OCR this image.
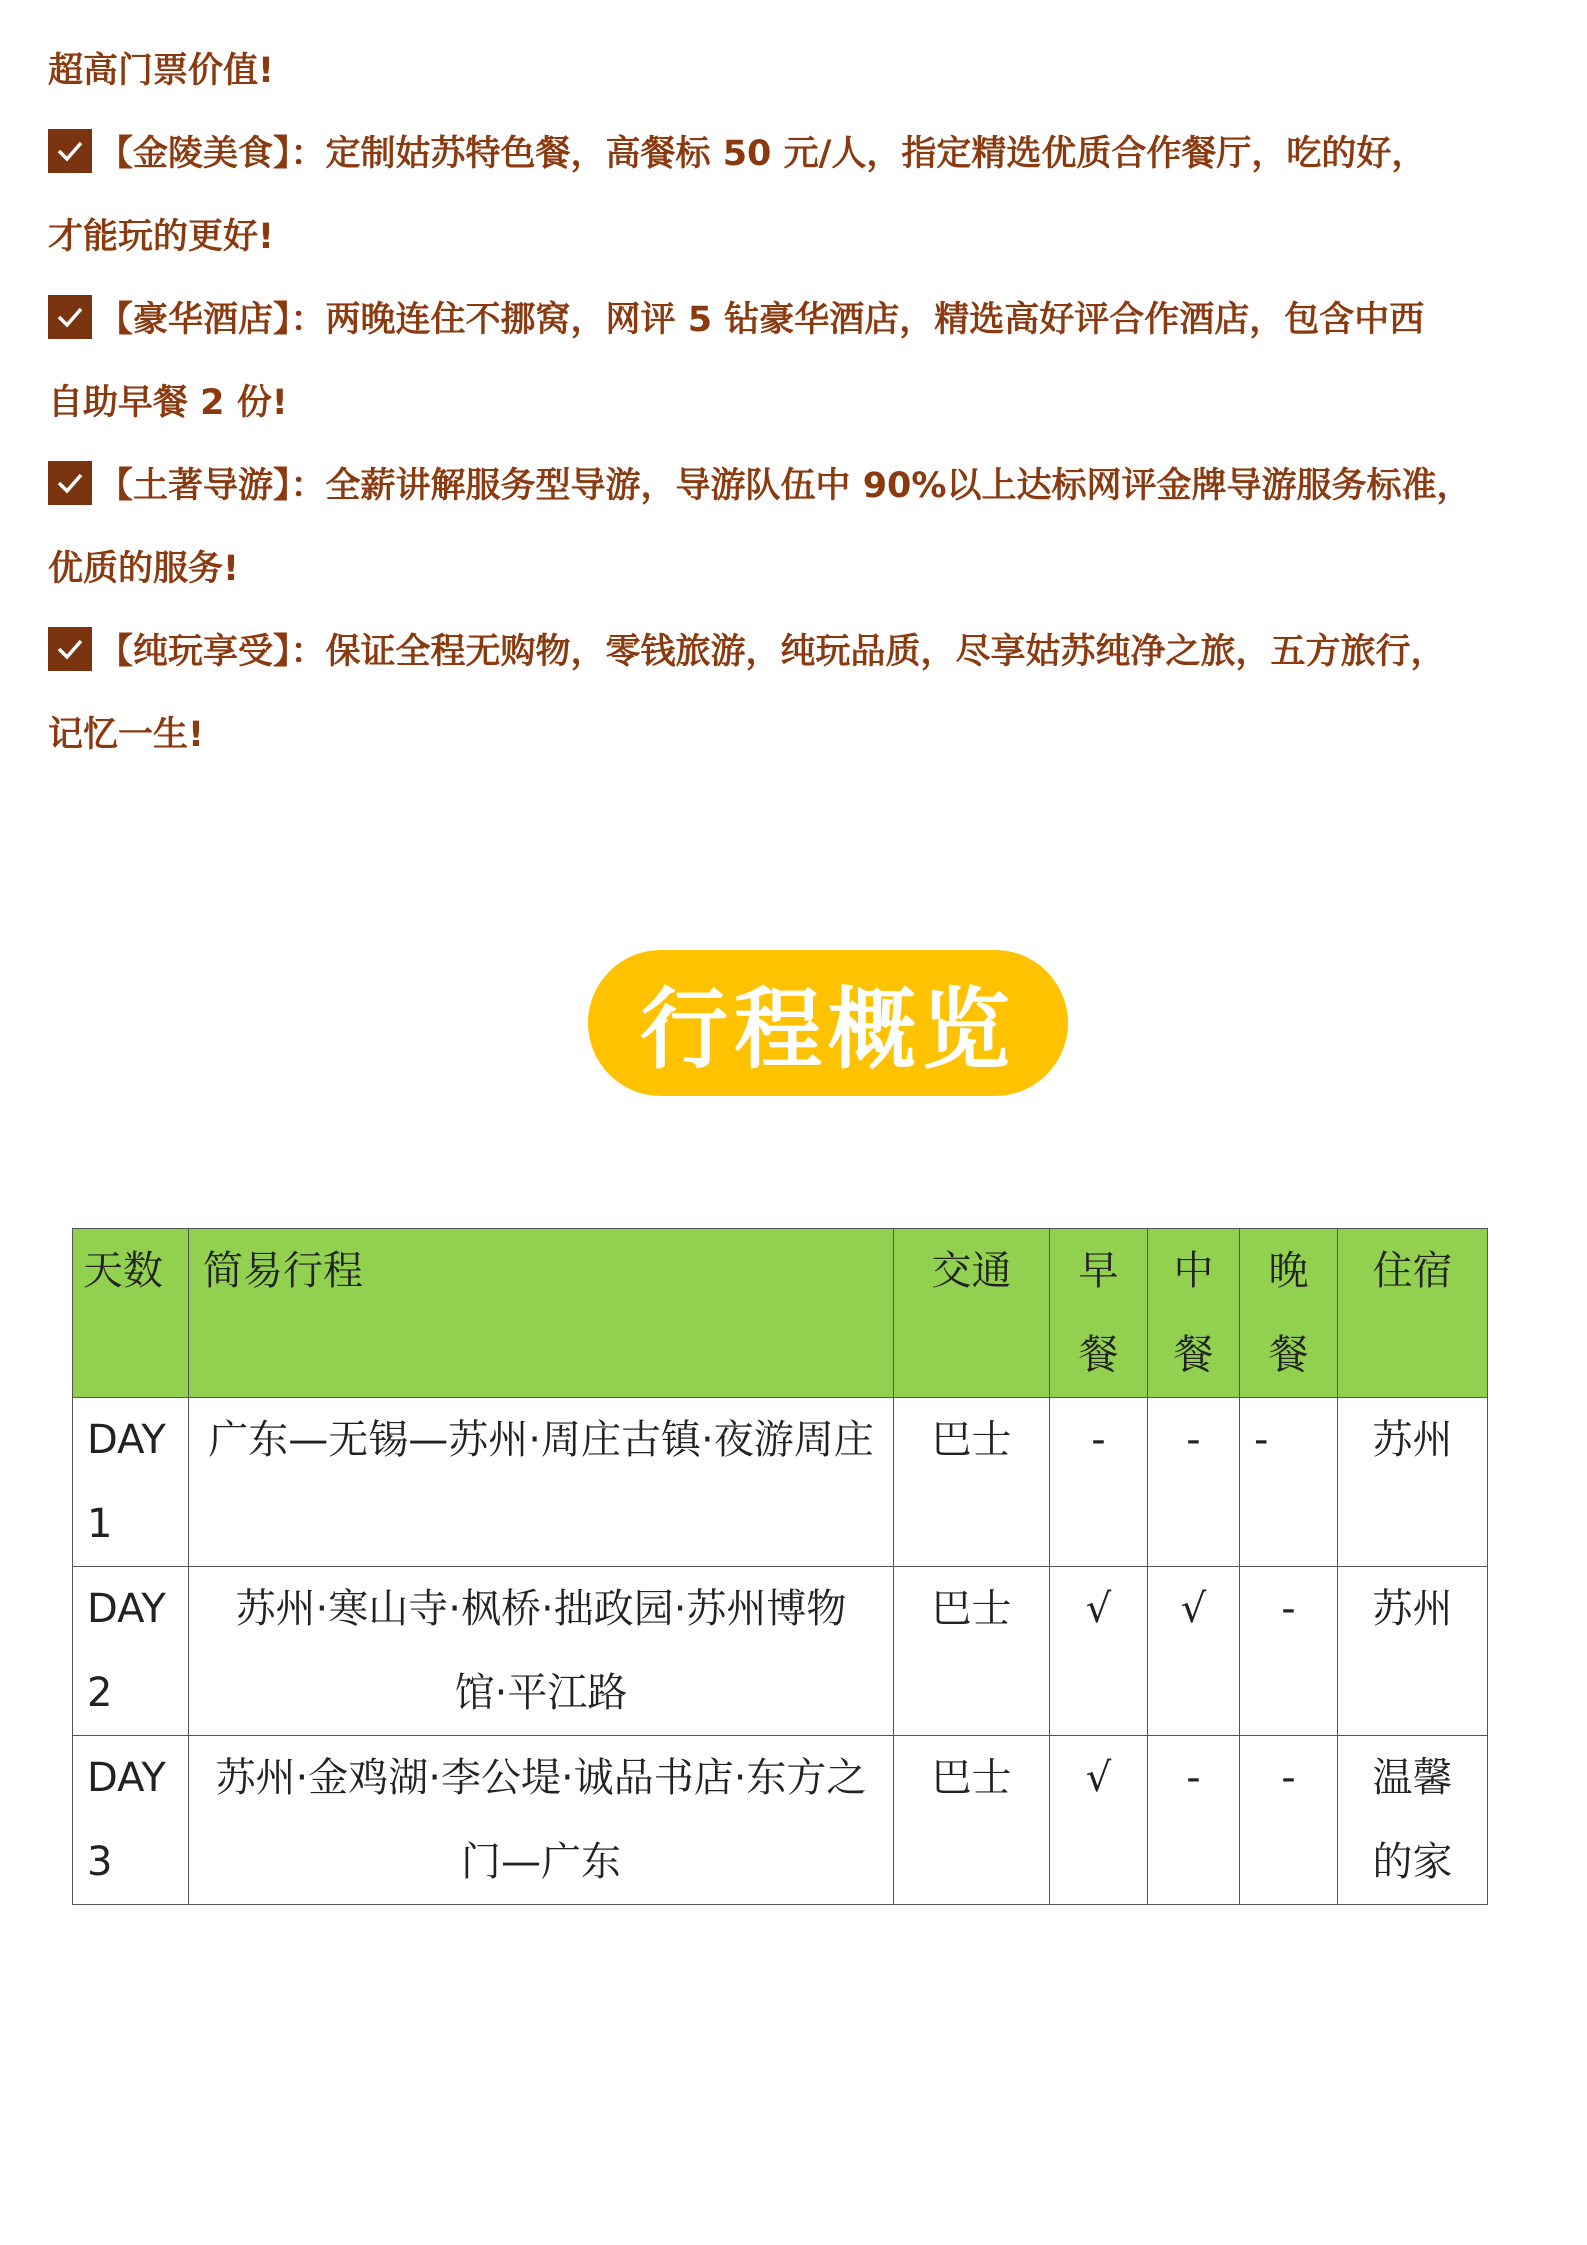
超高门票价值!
【金陵美食】：定制姑苏特色餐，高餐标 50 元/人，指定精选优质合作餐厅，吃的好，
才能玩的更好!
【豪华酒店】：两晚连住不挪窝，网评 5 钻豪华酒店，精选高好评合作酒店，包含中西
自助早餐 2 份!
【土著导游】：全薪讲解服务型导游，导游队伍中 90%以上达标网评金牌导游服务标准，
优质的服务!
【纯玩享受】：保证全程无购物，零钱旅游，纯玩品质，尽享姑苏纯净之旅，五方旅行，
记忆一生!
行程概览
天数	简易行程	交通	早餐	中餐	晚餐	住宿
DAY1	广东—无锡—苏州·周庄古镇·夜游周庄	巴士	-	-	-	苏州
DAY2	苏州·寒山寺·枫桥·拙政园·苏州博物馆·平江路	巴士	√	√	-	苏州
DAY3	苏州·金鸡湖·李公堤·诚品书店·东方之门—广东	巴士	√	-	-	温馨的家
